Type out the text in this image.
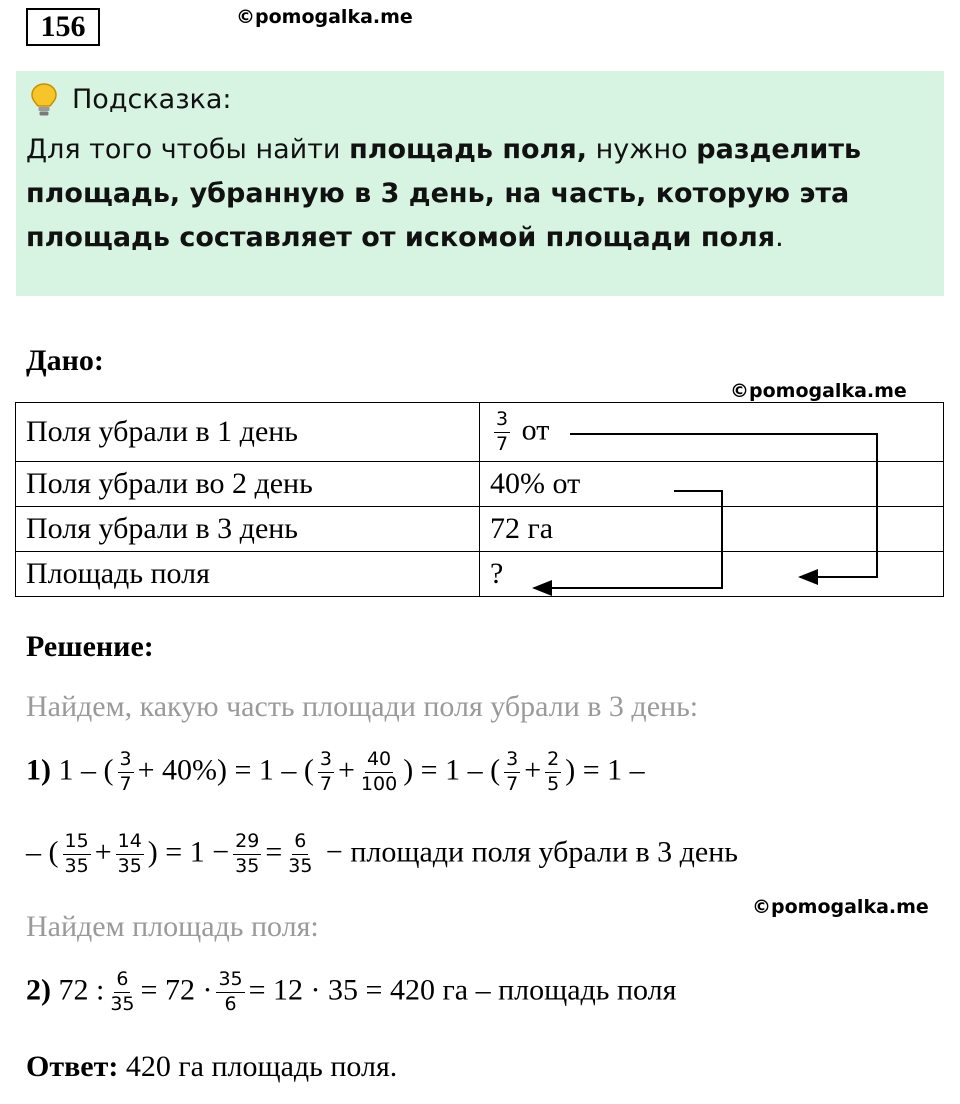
156	©pomogalka.me
Подсказка:
Для того чтобы найти площадь поля, нужно разделить площадь, убранную в 3 день, на часть, которую эта площадь составляет от искомой площади поля.
Дано:
©pomogalka.me
Поля убрали в 1 день	$\frac{3}{7}$ от
Поля убрали во 2 день	40% от
Поля убрали в 3 день	72 га
Площадь поля	?
Решение:
Найдем, какую часть площади поля убрали в 3 день:
1) 1 – ( $\frac{3}{7} + 40\%) = 1$ – ( $\frac{3}{7} + \frac{40}{100}$ ) = 1 – ( $\frac{3}{7} + \frac{2}{5}$ ) = 1 –
– ( $\frac{15}{35} + \frac{14}{35}$ ) = $1 - \frac{29}{35} = \frac{6}{35}$ − площади поля убрали в 3 день
©pomogalka.me
Найдем площадь поля:
2) 72 : $\frac{6}{35} = 72 \cdot \frac{35}{6} = 12 \cdot 35 = 420$ га – площадь поля
Ответ: 420 га площадь поля.
